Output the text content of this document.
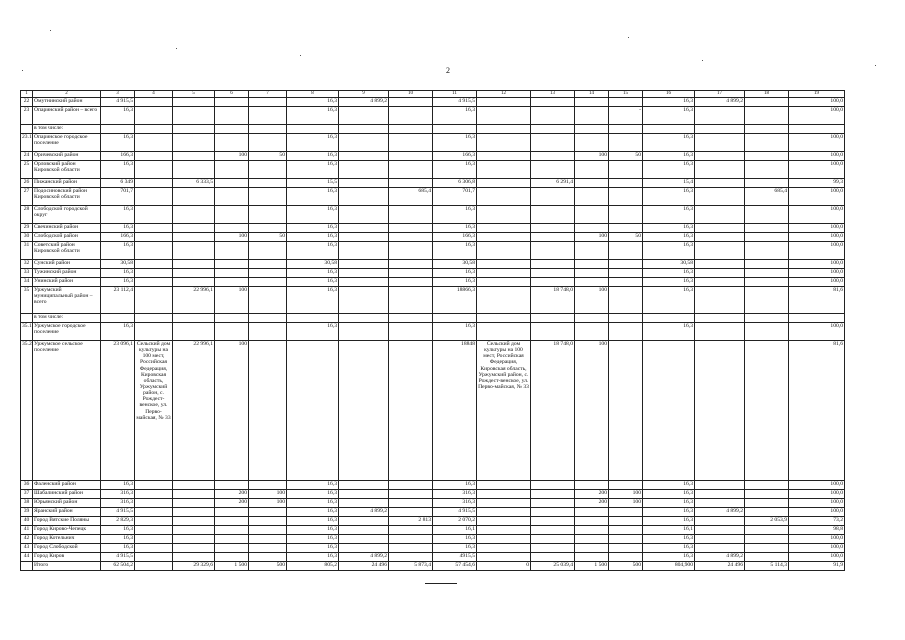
2
1	2	3	4	5	6	7	8	9	10	11	12	13	14	15	16	17	18	19
22	Омутнинский район	4 915,5					16,3	4 899,2		4 915,5					16,3	4 899,2		100,0
23	Опаринский район – всего	16,3					16,3			16,3				-	16,3			100,0
	в том числе:																	
23.1	Опаринское городское поселение	16,3					16,3			16,3					16,3			100,0
24	Оричевский район	166,3			100	50	16,3			166,3			100	50	16,3			100,0
25	Орловский район Кировской области	16,3					16,3			16,3					16,3			100,0
26	Пижанский район	6 349		6 333,5			15,5			6 306,8		6 291,4			15,4			99,3
27	Подосиновский район Кировской области	701,7					16,3		685,4	701,7					16,3		685,4	100,0
28	Слободской городской округ	16,3					16,3			16,3					16,3			100,0
29	Свечинский район	16,3					16,3			16,3					16,3			100,0
30	Слободской район	166,3			100	50	16,3			166,3			100	50	16,3			100,0
31	Советский район Кировской области	16,3					16,3			16,3					16,3			100,0
32	Сунский район	30,58					30,58			30,58					30,58			100,0
33	Тужинский район	16,3					16,3			16,3					16,3			100,0
34	Унинский район	16,3					16,3			16,3					16,3			100,0
35	Уржумский муниципальный район – всего	23 112,4		22 996,1	100		16,3			18866,3		18 748,0	100		16,3			81,6
	в том числе:																	
35.1	Уржумское городское поселение	16,3					16,3			16,3					16,3			100,0
35.2	Уржумское сельское поселение	23 096,1	Сельский дом культуры на 100 мест, Российская Федерация, Кировская область, Уржумский район, с. Рождест-венское, ул. Перво-майская, № 33	22 996,1	100					18848	Сельский дом культуры на 100 мест, Российская Федерация, Кировская область, Уржумский район, с. Рождест-венское, ул. Перво-майская, № 33	18 748,0	100					81,6
36	Фаленский район	16,3					16,3			16,3					16,3			100,0
37	Шабалинский район	316,3			200	100	16,3			316,3			200	100	16,3			100,0
38	Юрьянский район	316,3			200	100	16,3			316,3			200	100	16,3			100,0
39	Яранский район	4 915,5					16,3	4 899,2		4 915,5					16,3	4 899,2		100,0
40	Город Вятские Поляны	2 829,3					16,3		2 813	2 070,2					16,3		2 053,9	73,2
41	Город Кирово-Чепецк	16,3					16,3			16,1					16,1			98,8
42	Город Котельнич	16,3					16,3			16,3					16,3			100,0
43	Город Слободской	16,3					16,3			16,3					16,3			100,0
44	Город Киров	4 915,5					16,3	4 899,2		4915,5					16,3	4 899,2		100,0
	Итого	62 504,2		29 329,6	1 500	500	805,2	24 496	5 873,4	57 454,6	0	25 039,4	1 500	500	804,900	24 496	5 114,3	91,9
